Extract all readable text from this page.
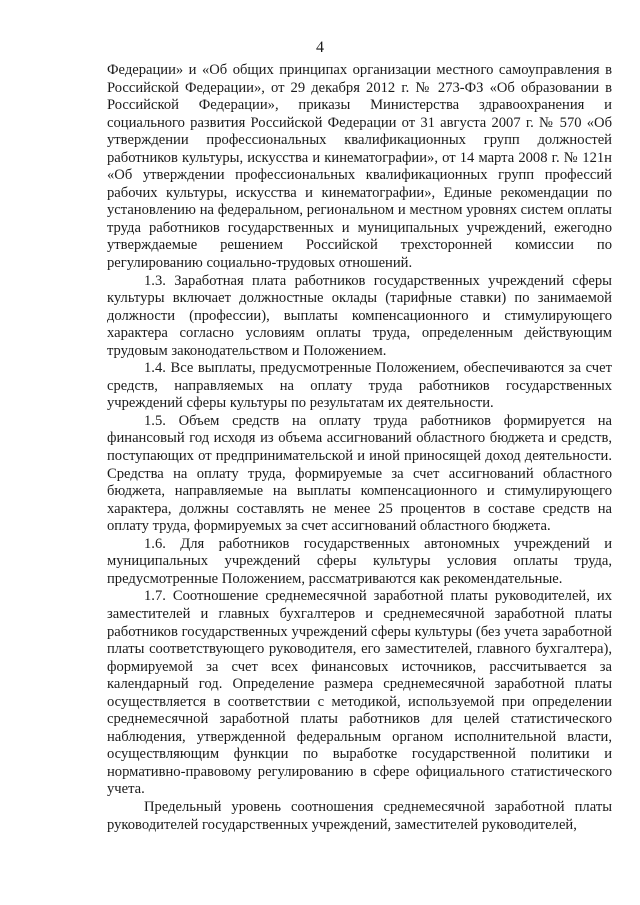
4

Федерации» и «Об общих принципах организации местного самоуправления в Российской Федерации», от 29 декабря 2012 г. № 273-ФЗ «Об образовании в Российской Федерации», приказы Министерства здравоохранения и социального развития Российской Федерации от 31 августа 2007 г. № 570 «Об утверждении профессиональных квалификационных групп должностей работников культуры, искусства и кинематографии», от 14 марта 2008 г. № 121н «Об утверждении профессиональных квалификационных групп профессий рабочих культуры, искусства и кинематографии», Единые рекомендации по установлению на федеральном, региональном и местном уровнях систем оплаты труда работников государственных и муниципальных учреждений, ежегодно утверждаемые решением Российской трехсторонней комиссии по регулированию социально-трудовых отношений.

1.3. Заработная плата работников государственных учреждений сферы культуры включает должностные оклады (тарифные ставки) по занимаемой должности (профессии), выплаты компенсационного и стимулирующего характера согласно условиям оплаты труда, определенным действующим трудовым законодательством и Положением.

1.4. Все выплаты, предусмотренные Положением, обеспечиваются за счет средств, направляемых на оплату труда работников государственных учреждений сферы культуры по результатам их деятельности.

1.5. Объем средств на оплату труда работников формируется на финансовый год исходя из объема ассигнований областного бюджета и средств, поступающих от предпринимательской и иной приносящей доход деятельности. Средства на оплату труда, формируемые за счет ассигнований областного бюджета, направляемые на выплаты компенсационного и стимулирующего характера, должны составлять не менее 25 процентов в составе средств на оплату труда, формируемых за счет ассигнований областного бюджета.

1.6. Для работников государственных автономных учреждений и муниципальных учреждений сферы культуры условия оплаты труда, предусмотренные Положением, рассматриваются как рекомендательные.

1.7. Соотношение среднемесячной заработной платы руководителей, их заместителей и главных бухгалтеров и среднемесячной заработной платы работников государственных учреждений сферы культуры (без учета заработной платы соответствующего руководителя, его заместителей, главного бухгалтера), формируемой за счет всех финансовых источников, рассчитывается за календарный год. Определение размера среднемесячной заработной платы осуществляется в соответствии с методикой, используемой при определении среднемесячной заработной платы работников для целей статистического наблюдения, утвержденной федеральным органом исполнительной власти, осуществляющим функции по выработке государственной политики и нормативно-правовому регулированию в сфере официального статистического учета.

Предельный уровень соотношения среднемесячной заработной платы руководителей государственных учреждений, заместителей руководителей,
